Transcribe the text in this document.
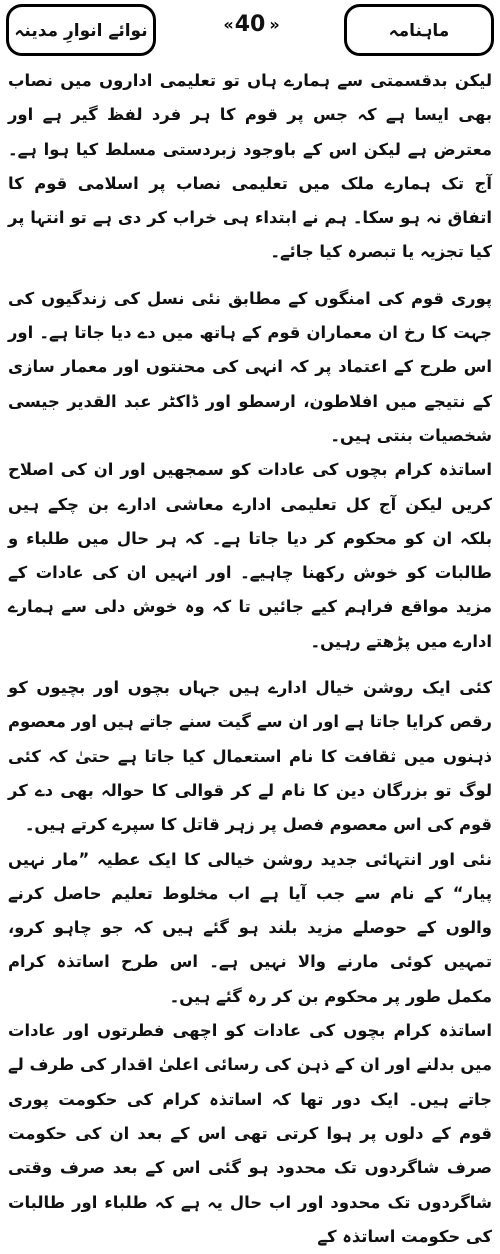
ماہنامہ
« 40 »
نوائے انوارِ مدینہ

لیکن بدقسمتی سے ہمارے ہاں تو تعلیمی اداروں میں نصاب بھی ایسا ہے کہ جس پر قوم کا ہر فرد لفظ گیر ہے اور معترض ہے لیکن اس کے باوجود زبردستی مسلط کیا ہوا ہے۔ آج تک ہمارے ملک میں تعلیمی نصاب پر اسلامی قوم کا اتفاق نہ ہو سکا۔ ہم نے ابتداء ہی خراب کر دی ہے تو انتہا پر کیا تجزیہ یا تبصرہ کیا جائے۔

پوری قوم کی امنگوں کے مطابق نئی نسل کی زندگیوں کی جہت کا رخ ان معماران قوم کے ہاتھ میں دے دیا جاتا ہے۔ اور اس طرح کے اعتماد پر کہ انہی کی محنتوں اور معمار سازی کے نتیجے میں افلاطون، ارسطو اور ڈاکٹر عبد القدیر جیسی شخصیات بنتی ہیں۔

اساتذہ کرام بچوں کی عادات کو سمجھیں اور ان کی اصلاح کریں لیکن آج کل تعلیمی ادارے معاشی ادارے بن چکے ہیں بلکہ ان کو محکوم کر دیا جاتا ہے۔ کہ ہر حال میں طلباء و طالبات کو خوش رکھنا چاہیے۔ اور انہیں ان کی عادات کے مزید مواقع فراہم کیے جائیں تا کہ وہ خوش دلی سے ہمارے ادارے میں پڑھتے رہیں۔

کئی ایک روشن خیال ادارے ہیں جہاں بچوں اور بچیوں کو رقص کرایا جاتا ہے اور ان سے گیت سنے جاتے ہیں اور معصوم ذہنوں میں ثقافت کا نام استعمال کیا جاتا ہے حتیٰ کہ کئی لوگ تو بزرگان دین کا نام لے کر قوالی کا حوالہ بھی دے کر قوم کی اس معصوم فصل پر زہر قاتل کا سپرے کرتے ہیں۔

نئی اور انتہائی جدید روشن خیالی کا ایک عطیہ ”مار نہیں پیار“ کے نام سے جب آیا ہے اب مخلوط تعلیم حاصل کرنے والوں کے حوصلے مزید بلند ہو گئے ہیں کہ جو چاہو کرو، تمہیں کوئی مارنے والا نہیں ہے۔ اس طرح اساتذہ کرام مکمل طور پر محکوم بن کر رہ گئے ہیں۔

اساتذہ کرام بچوں کی عادات کو اچھی فطرتوں اور عادات میں بدلنے اور ان کے ذہن کی رسائی اعلیٰ اقدار کی طرف لے جاتے ہیں۔ ایک دور تھا کہ اساتذہ کرام کی حکومت پوری قوم کے دلوں پر ہوا کرتی تھی اس کے بعد ان کی حکومت صرف شاگردوں تک محدود ہو گئی اس کے بعد صرف وقتی شاگردوں تک محدود اور اب حال یہ ہے کہ طلباء اور طالبات کی حکومت اساتذہ کے
